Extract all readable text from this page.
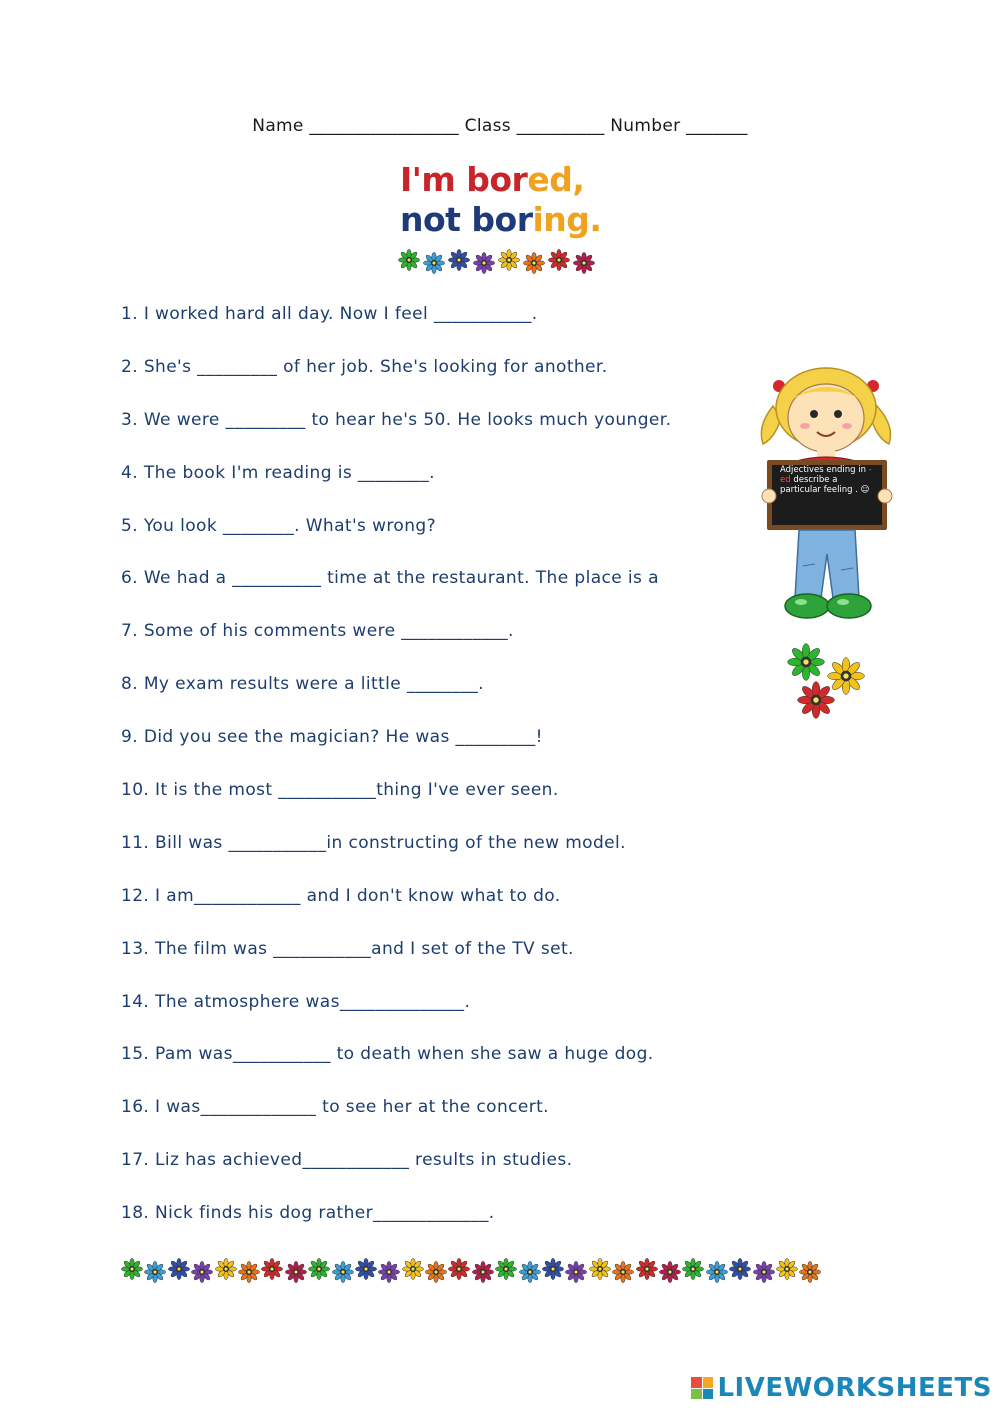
Name _________________ Class __________ Number _______
I'm bored,
not boring.
1. I worked hard all day. Now I feel ___________.
2. She's _________ of her job. She's looking for another.
3. We were _________ to hear he's 50. He looks much younger.
4. The book I'm reading is ________.
5. You look ________. What's wrong?
6. We had a __________ time at the restaurant. The place is a
7. Some of his comments were ____________.
8. My exam results were a little ________.
9. Did you see the magician? He was _________!
10. It is the most ___________thing I've ever seen.
11. Bill was ___________in constructing of the new model.
12. I am____________ and I don't know what to do.
13. The film was ___________and I set of the TV set.
14. The atmosphere was______________.
15. Pam was___________ to death when she saw a huge dog.
16. I was_____________ to see her at the concert.
17. Liz has achieved____________ results in studies.
18. Nick finds his dog rather_____________.
Adjectives ending in -ed describe a particular feeling . ☺
LIVEWORKSHEETS
